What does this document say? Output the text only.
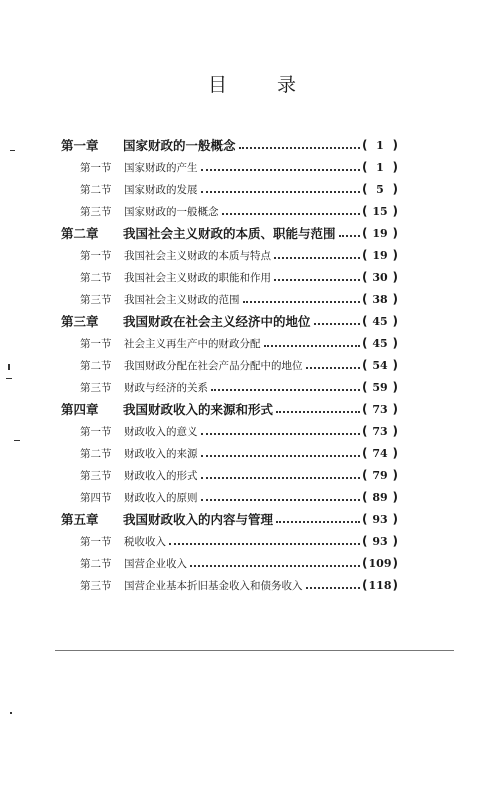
目 录
第一章	国家财政的一般概念	( 1 )
第一节	国家财政的产生	( 1 )
第二节	国家财政的发展	( 5 )
第三节	国家财政的一般概念	( 15 )
第二章	我国社会主义财政的本质、职能与范围 ( 19 )
第一节	我国社会主义财政的本质与特点	( 19 )
第二节	我国社会主义财政的职能和作用	( 30 )
第三节	我国社会主义财政的范围	( 38 )
第三章	我国财政在社会主义经济中的地位	( 45 )
第一节	社会主义再生产中的财政分配	( 45 )
第二节	我国财政分配在社会产品分配中的地位	( 54 )
第三节	财政与经济的关系	( 59 )
第四章	我国财政收入的来源和形式	( 73 )
第一节	财政收入的意义	( 73 )
第二节	财政收入的来源	( 74 )
第三节	财政收入的形式	( 79 )
第四节	财政收入的原则	( 89 )
第五章	我国财政收入的内容与管理	( 93 )
第一节	税收收入	( 93 )
第二节	国营企业收入	( 109 )
第三节	国营企业基本折旧基金收入和债务收入	( 118 )
